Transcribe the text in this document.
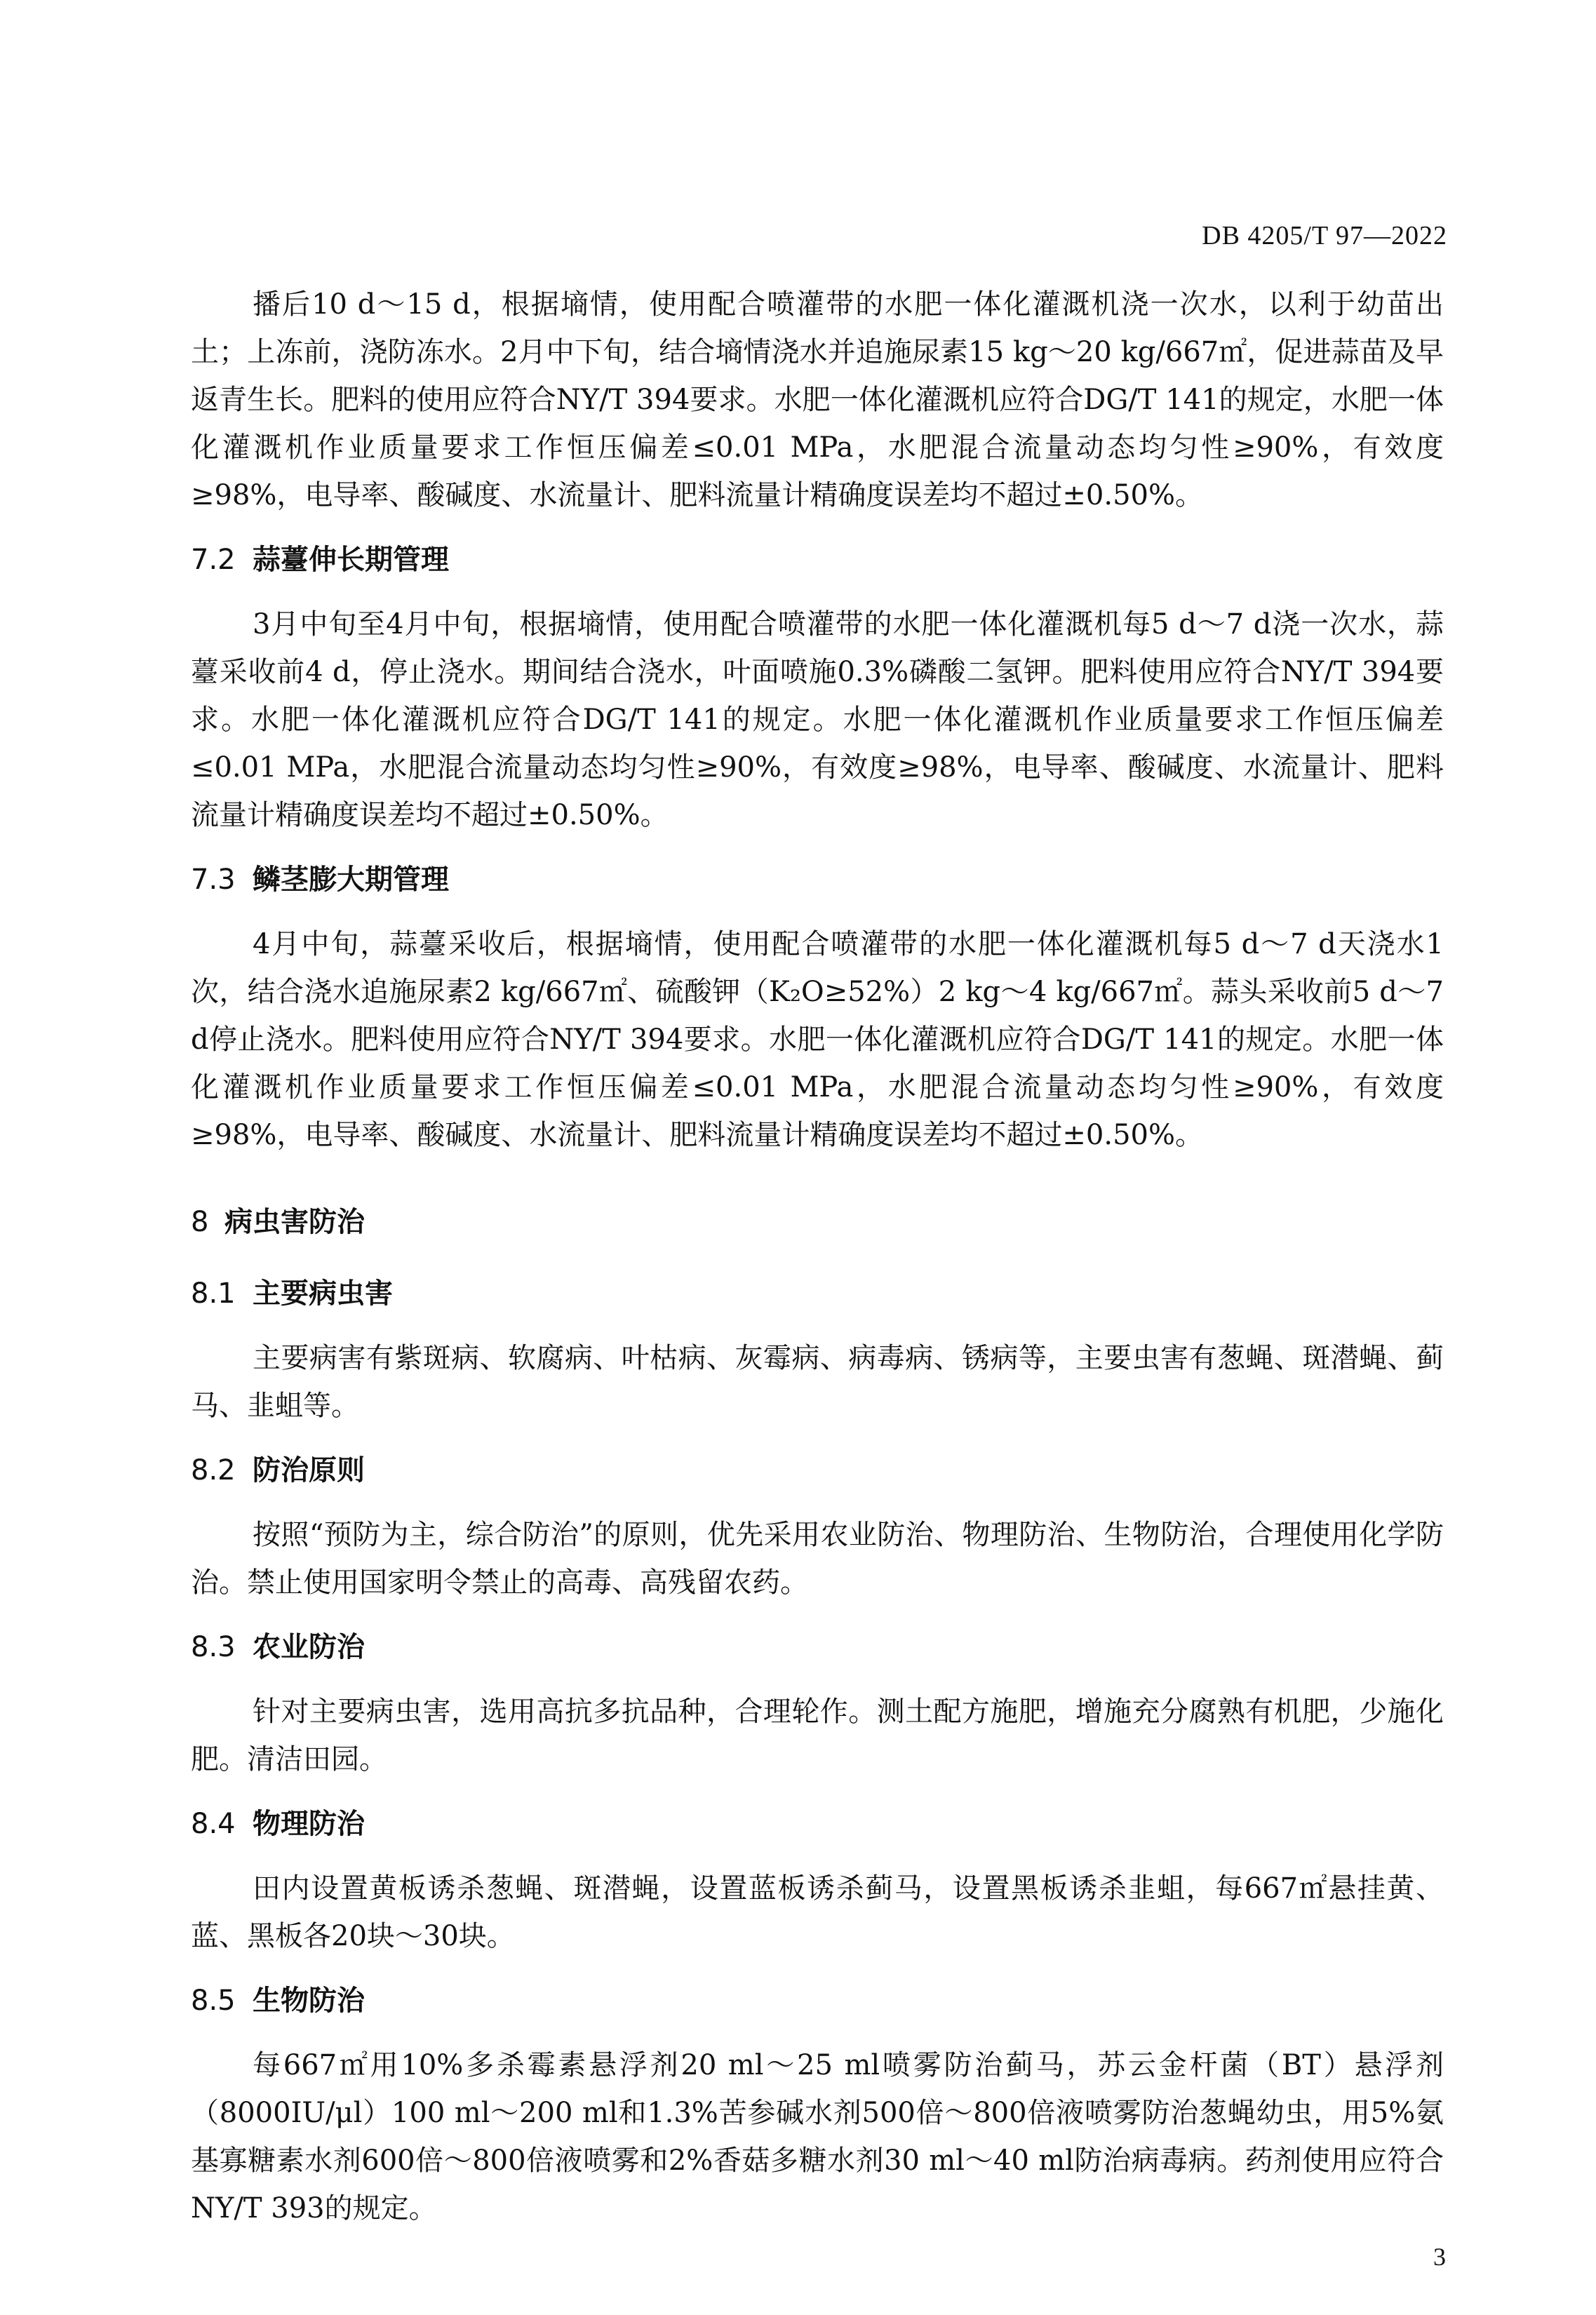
DB 4205/T 97—2022

播后10 d～15 d，根据墒情，使用配合喷灌带的水肥一体化灌溉机浇一次水，以利于幼苗出土；上冻前，浇防冻水。2月中下旬，结合墒情浇水并追施尿素15 kg～20 kg/667㎡，促进蒜苗及早返青生长。肥料的使用应符合NY/T 394要求。水肥一体化灌溉机应符合DG/T 141的规定，水肥一体化灌溉机作业质量要求工作恒压偏差≤0.01 MPa，水肥混合流量动态均匀性≥90%，有效度≥98%，电导率、酸碱度、水流量计、肥料流量计精确度误差均不超过±0.50%。

7.2 蒜薹伸长期管理

3月中旬至4月中旬，根据墒情，使用配合喷灌带的水肥一体化灌溉机每5 d～7 d浇一次水，蒜薹采收前4 d，停止浇水。期间结合浇水，叶面喷施0.3%磷酸二氢钾。肥料使用应符合NY/T 394要求。水肥一体化灌溉机应符合DG/T 141的规定。水肥一体化灌溉机作业质量要求工作恒压偏差≤0.01 MPa，水肥混合流量动态均匀性≥90%，有效度≥98%，电导率、酸碱度、水流量计、肥料流量计精确度误差均不超过±0.50%。

7.3 鳞茎膨大期管理

4月中旬，蒜薹采收后，根据墒情，使用配合喷灌带的水肥一体化灌溉机每5 d～7 d天浇水1次，结合浇水追施尿素2 kg/667㎡、硫酸钾（K₂O≥52%）2 kg～4 kg/667㎡。蒜头采收前5 d～7 d停止浇水。肥料使用应符合NY/T 394要求。水肥一体化灌溉机应符合DG/T 141的规定。水肥一体化灌溉机作业质量要求工作恒压偏差≤0.01 MPa，水肥混合流量动态均匀性≥90%，有效度≥98%，电导率、酸碱度、水流量计、肥料流量计精确度误差均不超过±0.50%。

8 病虫害防治
8.1 主要病虫害

主要病害有紫斑病、软腐病、叶枯病、灰霉病、病毒病、锈病等，主要虫害有葱蝇、斑潜蝇、蓟马、韭蛆等。

8.2 防治原则

按照“预防为主，综合防治”的原则，优先采用农业防治、物理防治、生物防治，合理使用化学防治。禁止使用国家明令禁止的高毒、高残留农药。

8.3 农业防治

针对主要病虫害，选用高抗多抗品种，合理轮作。测土配方施肥，增施充分腐熟有机肥，少施化肥。清洁田园。

8.4 物理防治

田内设置黄板诱杀葱蝇、斑潜蝇，设置蓝板诱杀蓟马，设置黑板诱杀韭蛆，每667㎡悬挂黄、蓝、黑板各20块～30块。

8.5 生物防治

每667㎡用10%多杀霉素悬浮剂20 ml～25 ml喷雾防治蓟马，苏云金杆菌（BT）悬浮剂（8000IU/μl）100 ml～200 ml和1.3%苦参碱水剂500倍～800倍液喷雾防治葱蝇幼虫，用5%氨基寡糖素水剂600倍～800倍液喷雾和2%香菇多糖水剂30 ml～40 ml防治病毒病。药剂使用应符合NY/T 393的规定。

3
